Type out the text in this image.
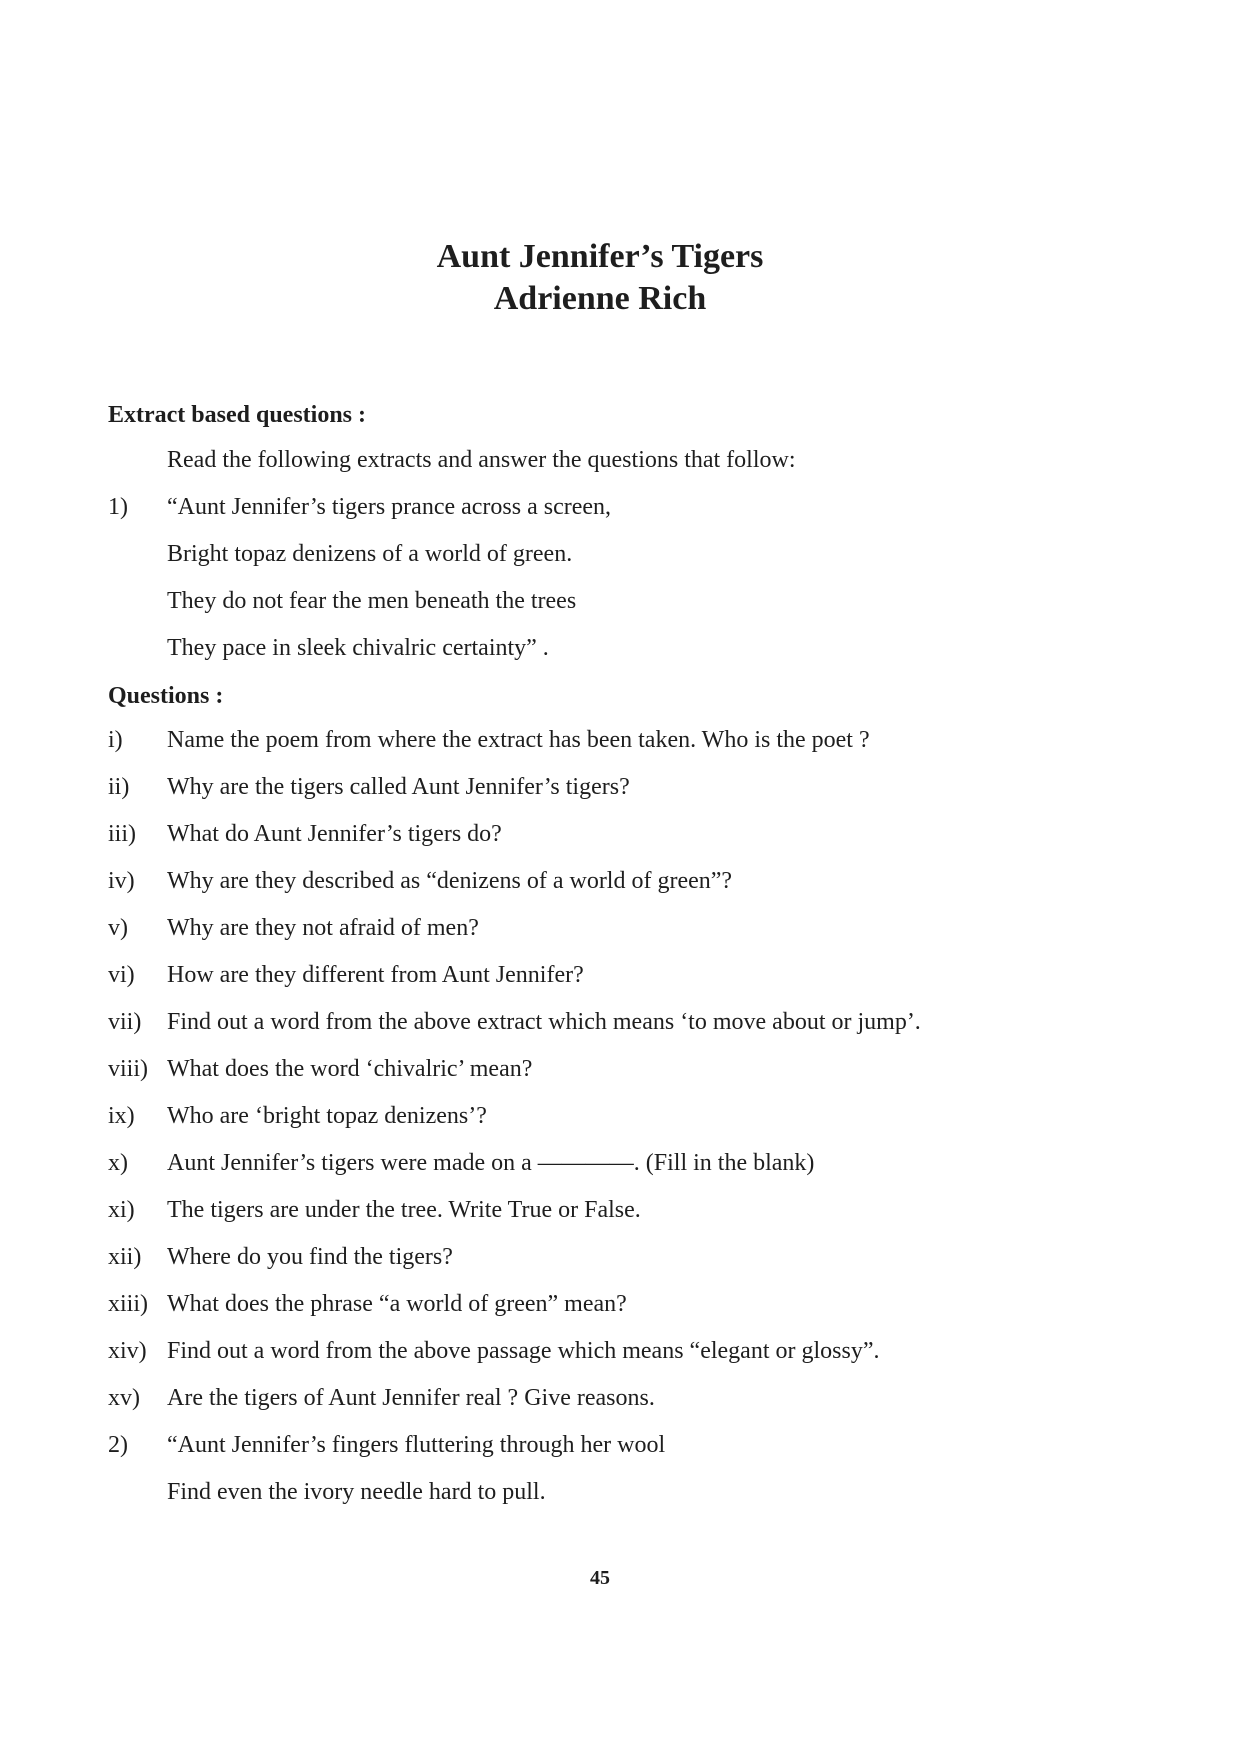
Aunt Jennifer’s Tigers
Adrienne Rich
Extract based questions :
Read the following extracts and answer the questions that follow:
1) “Aunt Jennifer’s tigers prance across a screen,
Bright topaz denizens of a world of green.
They do not fear the men beneath the trees
They pace in sleek chivalric certainty” .
Questions :
i) Name the poem from where the extract has been taken. Who is the poet ?
ii) Why are the tigers called Aunt Jennifer’s tigers?
iii) What do Aunt Jennifer’s tigers do?
iv) Why are they described as “denizens of a world of green”?
v) Why are they not afraid of men?
vi) How are they different from Aunt Jennifer?
vii) Find out a word from the above extract which means ‘to move about or jump’.
viii) What does the word ‘chivalric’ mean?
ix) Who are ‘bright topaz denizens’?
x) Aunt Jennifer’s tigers were made on a ————. (Fill in the blank)
xi) The tigers are under the tree. Write True or False.
xii) Where do you find the tigers?
xiii) What does the phrase “a world of green” mean?
xiv) Find out a word from the above passage which means “elegant or glossy”.
xv) Are the tigers of Aunt Jennifer real ? Give reasons.
2) “Aunt Jennifer’s fingers fluttering through her wool
Find even the ivory needle hard to pull.
45
